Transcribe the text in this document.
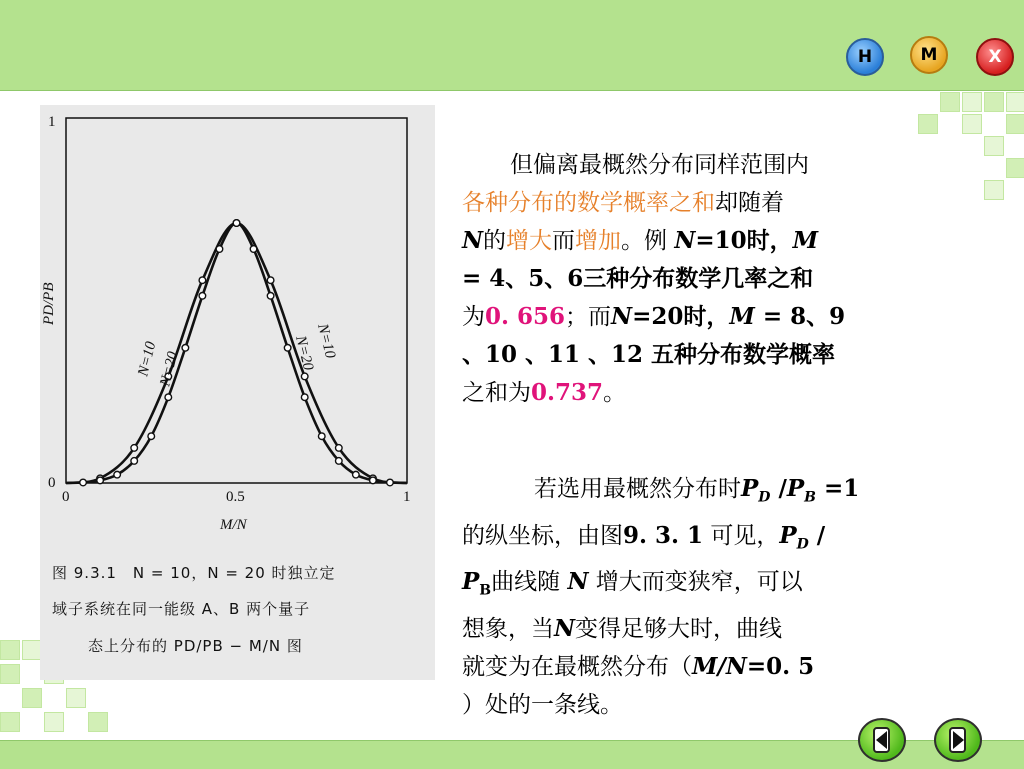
H	M	X
1
0
0	0.5	1
M/N
PD/PB
N=10
N=20
N=10
N=20
图 9.3.1　N = 10，N = 20 时独立定
域子系统在同一能级 A、B 两个量子
态上分布的 PD/PB − M/N 图
但偏离最概然分布同样范围内
各种分布的数学概率之和却随着
N的增大而增加。例 N=10时，M
= 4、5、6三种分布数学几率之和
为0. 656；而N=20时，M = 8、9
、10 、11 、12 五种分布数学概率
之和为0.737。
若选用最概然分布时$P_D$ $/P_B =1$
的纵坐标，由图9. 3. 1 可见，$P_D$ /
$P_B$曲线随 N 增大而变狭窄，可以
想象，当N变得足够大时，曲线
就变为在最概然分布（M/N=0. 5
）处的一条线。
